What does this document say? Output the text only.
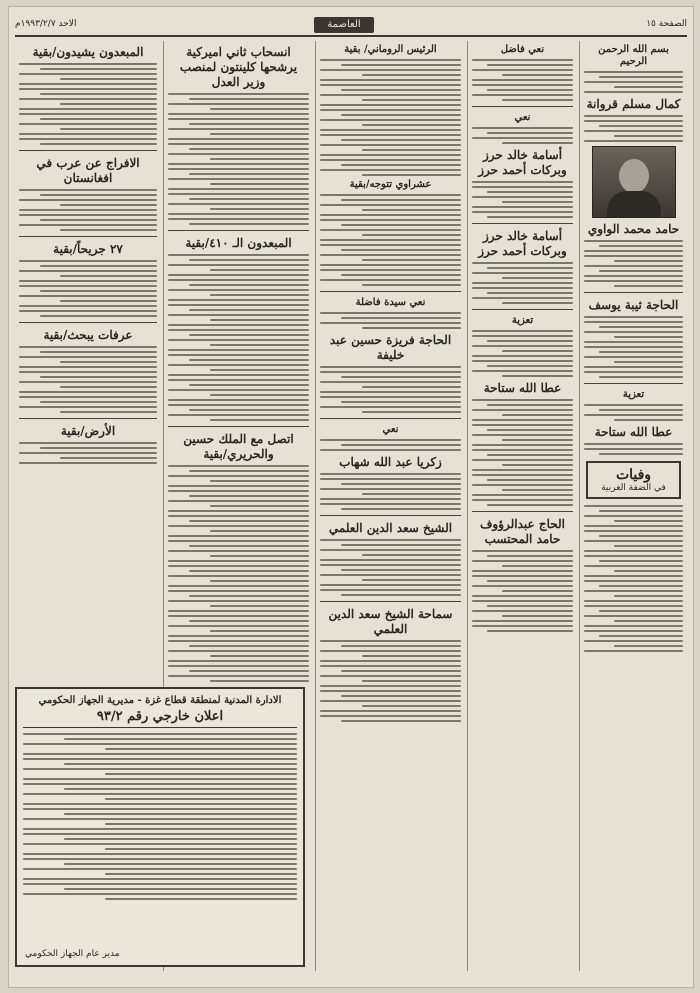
الصفحة ١٥
الاحد ١٩٩٣/٢/٧م	العاصمة
بسم الله الرحمن الرحيم
كمال مسلم قروانة
حامد محمد الواوي
الحاجة ثيبة يوسف
تعزية
عطا الله ستاحة
وفيات
في الضفة الغربية
نعي فاضل
نعي
أسامة خالد حرز وبركات أحمد حرز
أسامة خالد حرز وبركات أحمد حرز
تعزية
عطا الله ستاحة
الحاج عبدالرؤوف حامد المحتسب
الرئيس الروماني/ بقية
عشراوي تتوجه/بقية
نعي سيدة فاضلة
الحاجة فريزة حسين عبد خليفة
نعي
زكريا عبد الله شهاب
الشيخ سعد الدين العلمي
سماحة الشيخ سعد الدين العلمي
انسحاب ثاني اميركية يرشحها كلينتون لمنصب وزير العدل
المبعدون الـ ٤١٠/بقية
اتصل مع الملك حسين والحريري/بقية
المبعدون يشيدون/بقية
الافراج عن عرب في افغانستان
٢٧ جريحاً/بقية
عرفات يبحث/بقية
الأرض/بقية
الادارة المدنية لمنطقة قطاع غزة - مديرية الجهاز الحكومي
اعلان خارجي رقم ٩٣/٢
مدير عام الجهاز الحكومي
